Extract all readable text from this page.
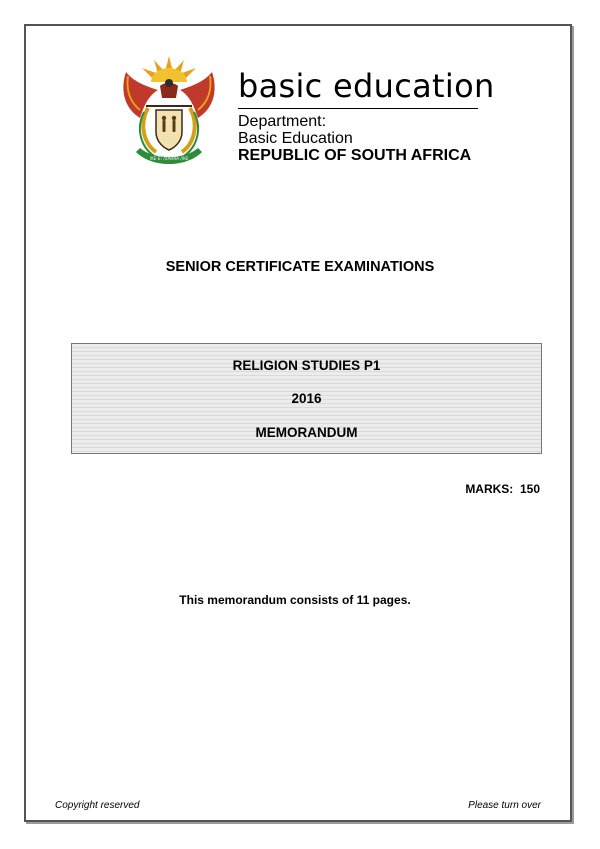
!KE E: /XARRA //KE
basic education
Department:
Basic Education
REPUBLIC OF SOUTH AFRICA
SENIOR CERTIFICATE EXAMINATIONS
RELIGION STUDIES P1
2016
MEMORANDUM
MARKS:  150
This memorandum consists of 11 pages.
Copyright reserved	Please turn over
